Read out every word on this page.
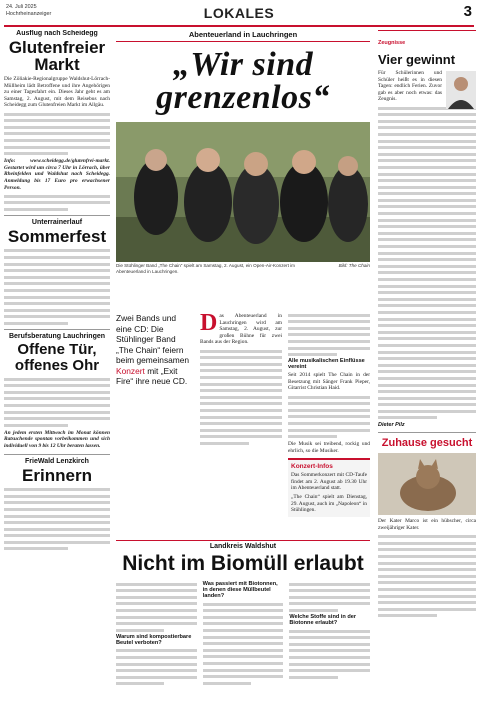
24. Juli 2025
Hochrheinanzeiger	LOKALES	3
Ausflug nach Scheidegg
Glutenfreier Markt
Die Zöliakie-Regionalgruppe Waldshut-Lörrach-Müllheim lädt Betroffene und ihre Angehörigen zu einer Tagesfahrt ein. Dieses Jahr geht es am Samstag, 2. August, mit dem Reisebus nach Scheidegg zum Glutenfreien Markt im Allgäu.
Info: www.scheidegg.de/glutenfrei-markt. Gestartet wird um circa 7 Uhr in Lörrach, über Rheinfelden und Waldshut nach Scheidegg. Anmeldung bis 17 Euro pro erwachsener Person.
Unterrainerlauf
Sommerfest
Berufsberatung Lauchringen
Offene Tür, offenes Ohr
An jedem ersten Mittwoch im Monat können Ratsuchende spontan vorbeikommen und sich individuell von 9 bis 12 Uhr beraten lassen.
FrieWald Lenzkirch
Erinnern
Abenteuerland in Lauchringen
„Wir sind grenzenlos“
Die Stühlinger Band „The Chain“ spielt am Samstag, 2. August, ein Open-Air-Konzert im Abenteuerland in Lauchringen.
Bild: The Chain
Zwei Bands und eine CD: Die Stühlinger Band „The Chain“ feiern beim gemeinsamen Konzert mit „Exit Fire“ ihre neue CD.
Das Abenteuerland in Lauchringen wird am Samstag, 2. August, zur großen Bühne für zwei Bands aus der Region.
Alle musikalischen Einflüsse vereint
Seit 2014 spielt The Chain in der Besetzung mit Sänger Frank Pieper, Gitarrist Christian Haid.
Die Musik sei treibend, rockig und ehrlich, so die Musiker.
Konzert-Infos
Das Sommerkonzert mit CD-Taufe findet am 2. August ab 19.30 Uhr im Abenteuerland statt.
„The Chain“ spielt am Dienstag, 29. August, auch im „Napoleon“ in Stühlingen.
Landkreis Waldshut
Nicht im Biomüll erlaubt
Warum sind kompostierbare Beutel verboten?
Was passiert mit Biotonnen, in denen diese Müllbeutel landen?
Welche Stoffe sind in der Biotonne erlaubt?
Zeugnisse
Vier gewinnt
Für Schülerinnen und Schüler heißt es in diesen Tagen: endlich Ferien. Zuvor gab es aber noch etwas: das Zeugnis.
Dieter Pilz
Zuhause gesucht
Der Kater Marco ist ein hübscher, circa zweijähriger Kater.
